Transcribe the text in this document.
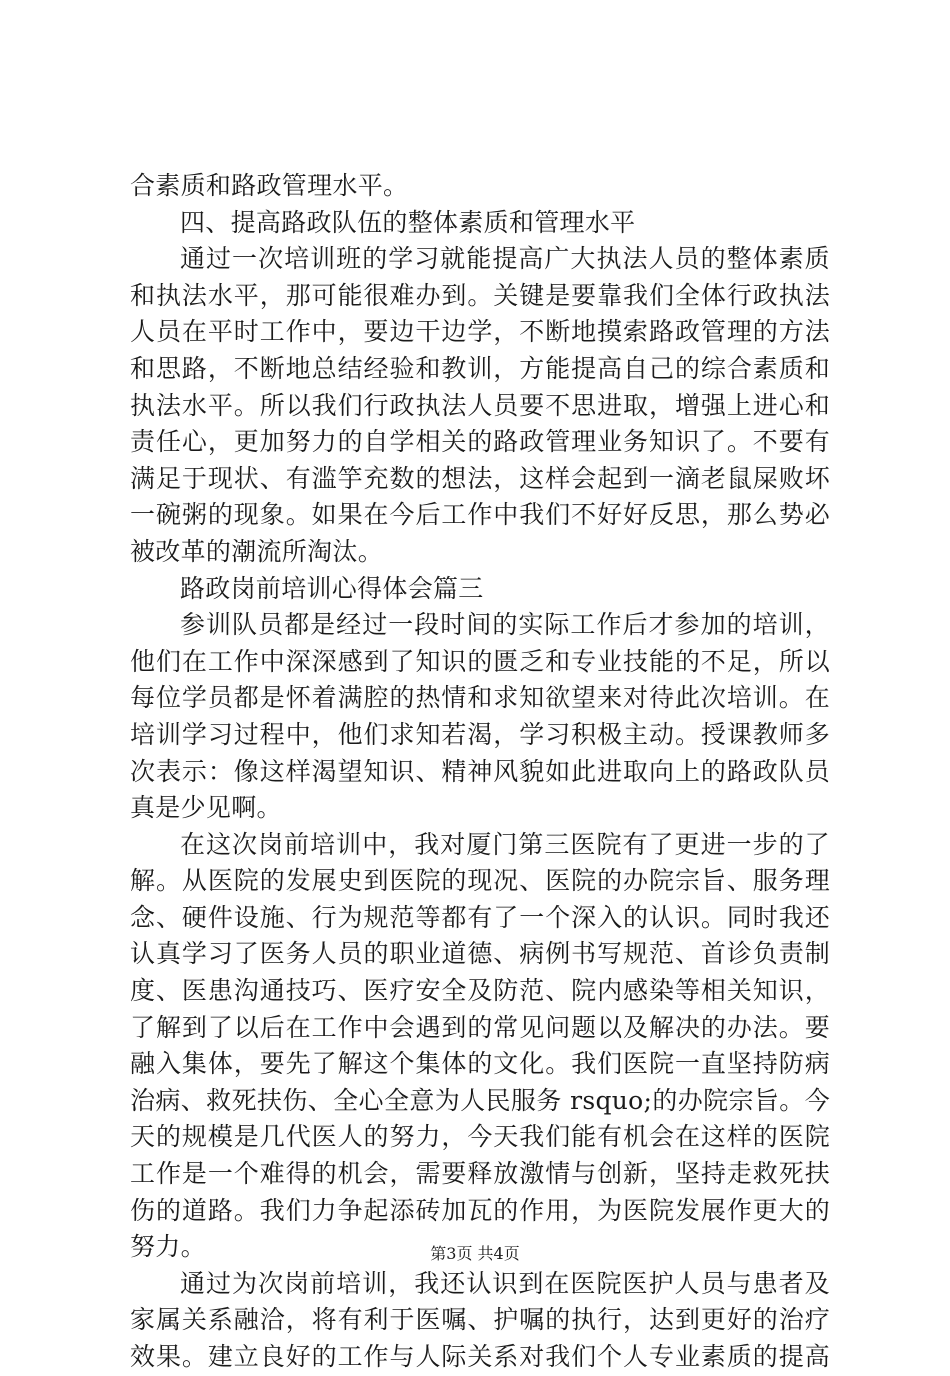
合素质和路政管理水平。
四、提高路政队伍的整体素质和管理水平
通过一次培训班的学习就能提高广大执法人员的整体素质
和执法水平，那可能很难办到。关键是要靠我们全体行政执法
人员在平时工作中，要边干边学，不断地摸索路政管理的方法
和思路，不断地总结经验和教训，方能提高自己的综合素质和
执法水平。所以我们行政执法人员要不思进取，增强上进心和
责任心，更加努力的自学相关的路政管理业务知识了。不要有
满足于现状、有滥竽充数的想法，这样会起到一滴老鼠屎败坏
一碗粥的现象。如果在今后工作中我们不好好反思，那么势必
被改革的潮流所淘汰。
路政岗前培训心得体会篇三
参训队员都是经过一段时间的实际工作后才参加的培训，
他们在工作中深深感到了知识的匮乏和专业技能的不足，所以
每位学员都是怀着满腔的热情和求知欲望来对待此次培训。在
培训学习过程中，他们求知若渴，学习积极主动。授课教师多
次表示：像这样渴望知识、精神风貌如此进取向上的路政队员
真是少见啊。
在这次岗前培训中，我对厦门第三医院有了更进一步的了
解。从医院的发展史到医院的现况、医院的办院宗旨、服务理
念、硬件设施、行为规范等都有了一个深入的认识。同时我还
认真学习了医务人员的职业道德、病例书写规范、首诊负责制
度、医患沟通技巧、医疗安全及防范、院内感染等相关知识，
了解到了以后在工作中会遇到的常见问题以及解决的办法。要
融入集体，要先了解这个集体的文化。我们医院一直坚持防病
治病、救死扶伤、全心全意为人民服务 rsquo;的办院宗旨。今
天的规模是几代医人的努力，今天我们能有机会在这样的医院
工作是一个难得的机会，需要释放激情与创新，坚持走救死扶
伤的道路。我们力争起添砖加瓦的作用，为医院发展作更大的
努力。
通过为次岗前培训，我还认识到在医院医护人员与患者及
家属关系融洽，将有利于医嘱、护嘱的执行，达到更好的治疗
效果。建立良好的工作与人际关系对我们个人专业素质的提高
第3页 共4页
